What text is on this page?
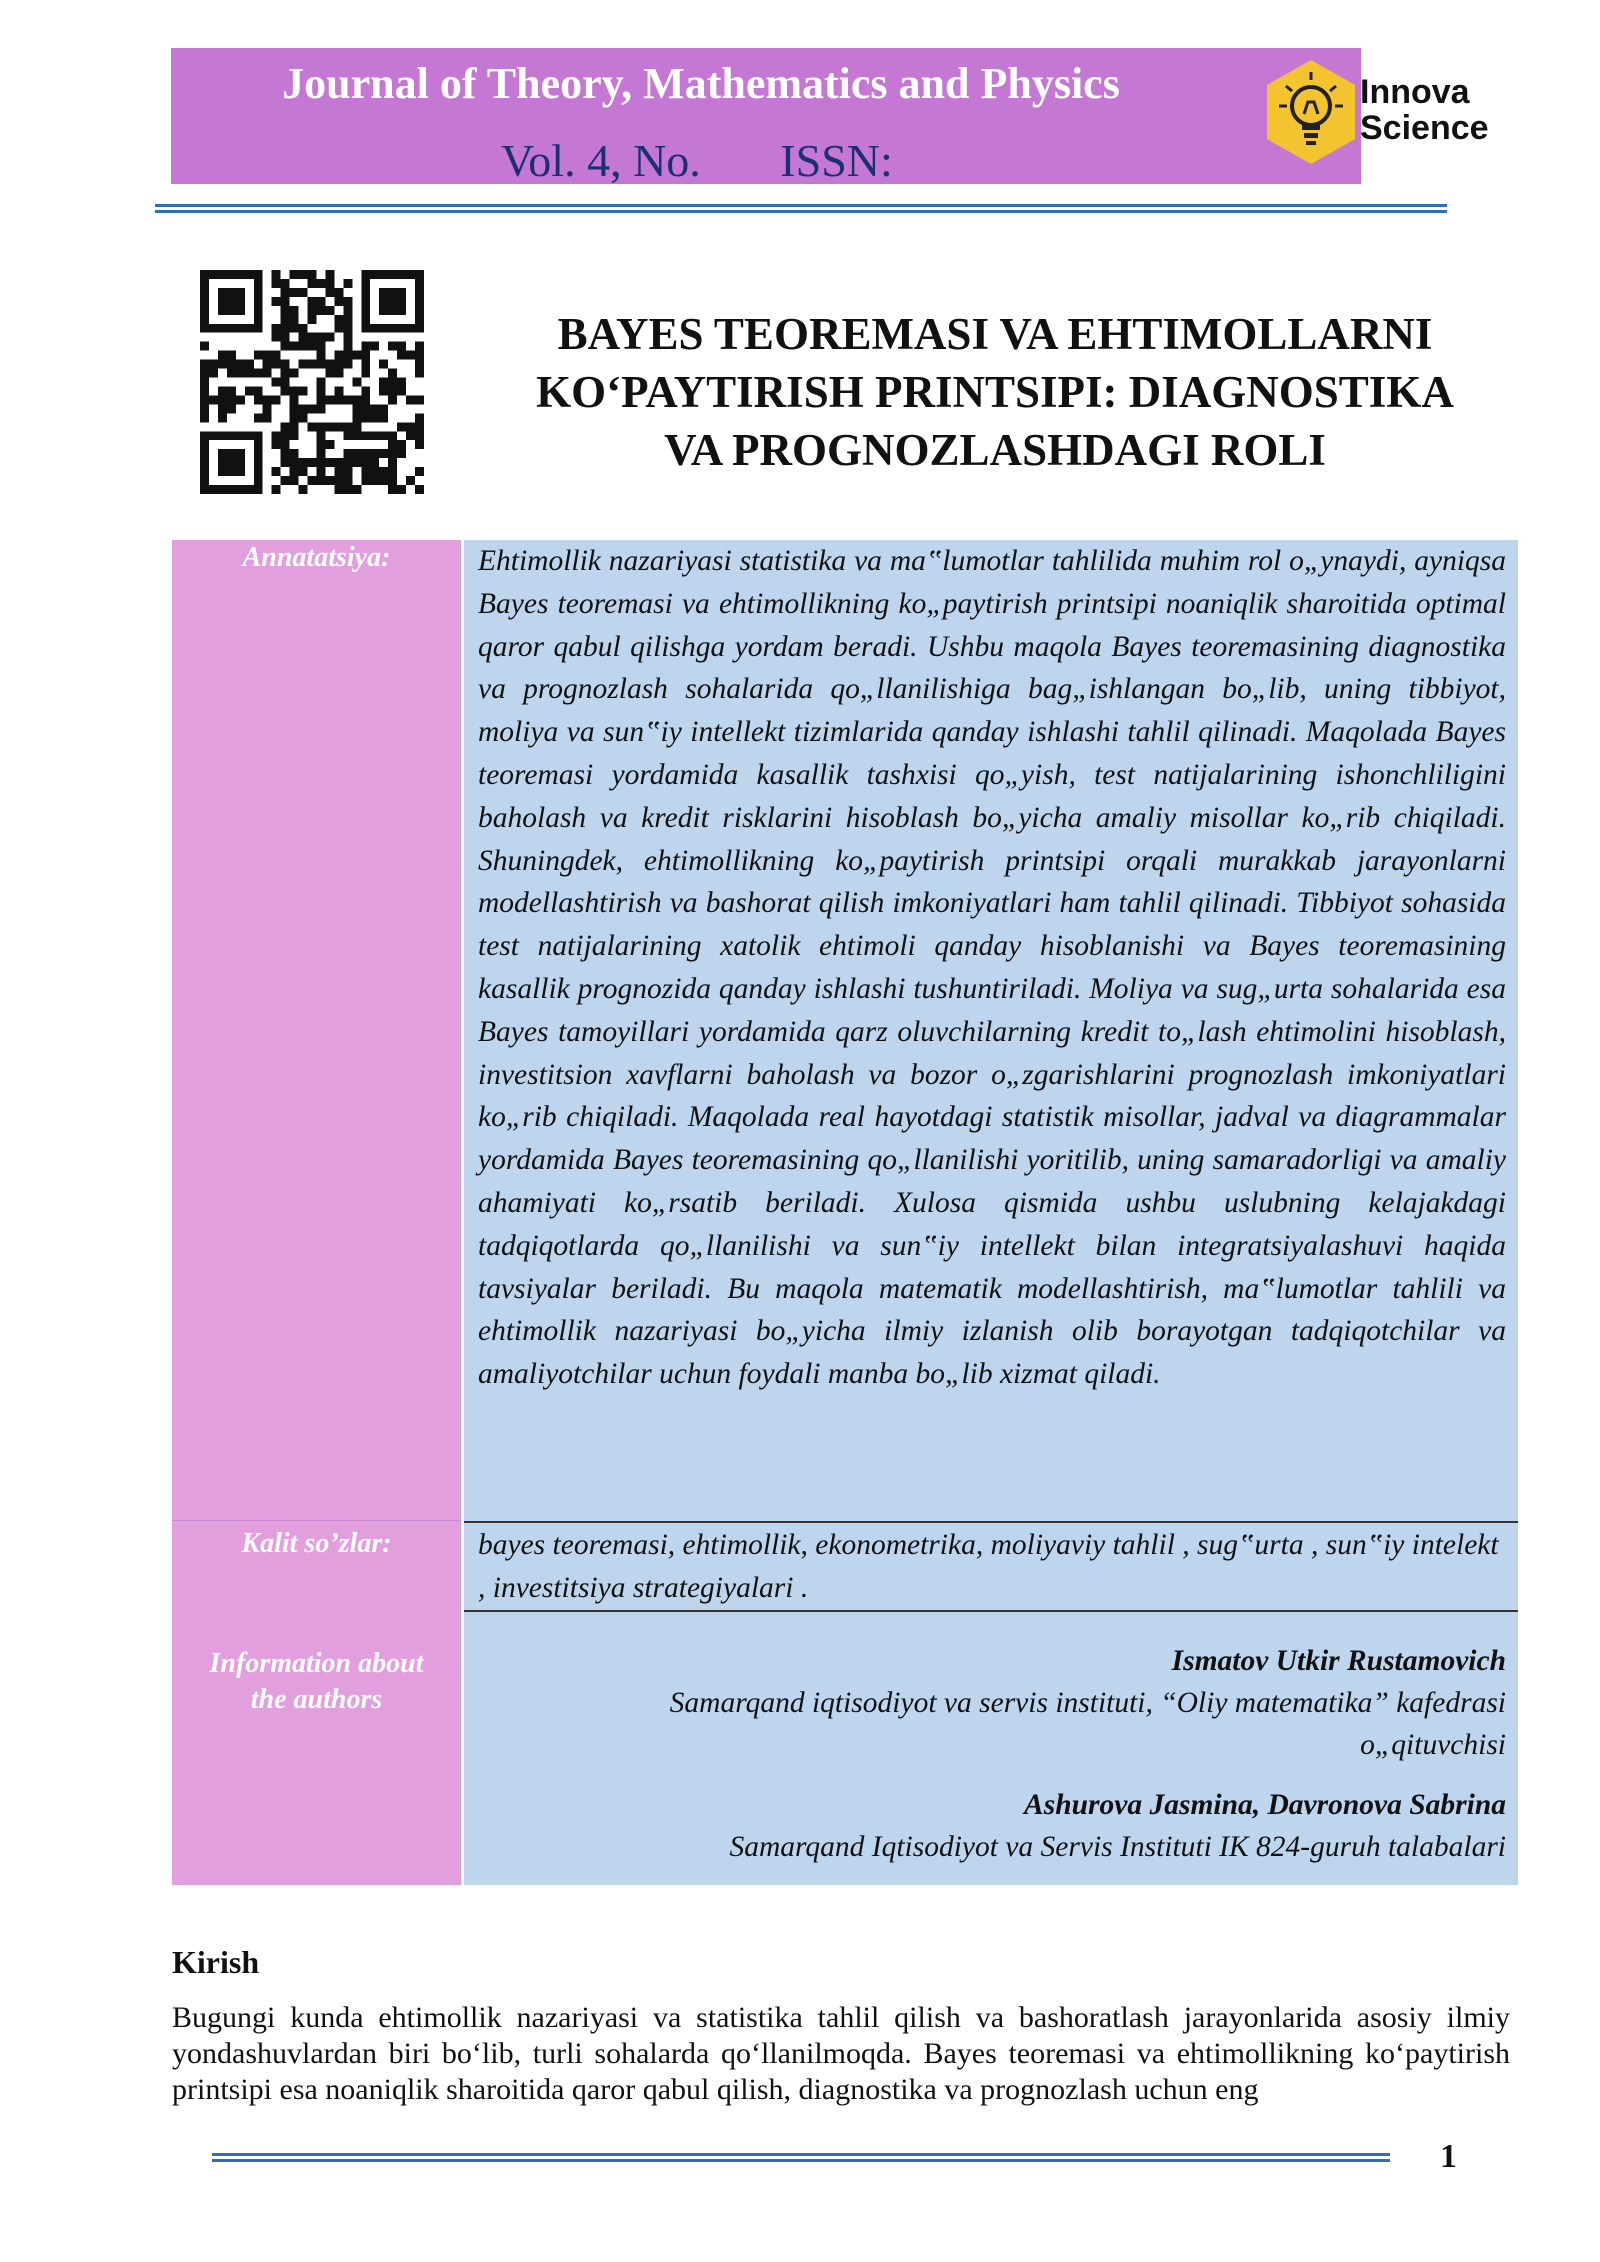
Journal of Theory, Mathematics and Physics
Vol. 4, No. ISSN:
Innova
Science
BAYES TEOREMASI VA EHTIMOLLARNI
KO‘PAYTIRISH PRINTSIPI: DIAGNOSTIKA
VA PROGNOZLASHDAGI ROLI
Annatatsiya:	Ehtimollik nazariyasi statistika va ma‟lumotlar tahlilida muhim rol o„ynaydi, ayniqsa Bayes teoremasi va ehtimollikning ko„paytirish printsipi noaniqlik sharoitida optimal qaror qabul qilishga yordam beradi. Ushbu maqola Bayes teoremasining diagnostika va prognozlash sohalarida qo„llanilishiga bag„ishlangan bo„lib, uning tibbiyot, moliya va sun‟iy intellekt tizimlarida qanday ishlashi tahlil qilinadi. Maqolada Bayes teoremasi yordamida kasallik tashxisi qo„yish, test natijalarining ishonchliligini baholash va kredit risklarini hisoblash bo„yicha amaliy misollar ko„rib chiqiladi. Shuningdek, ehtimollikning ko„paytirish printsipi orqali murakkab jarayonlarni modellashtirish va bashorat qilish imkoniyatlari ham tahlil qilinadi. Tibbiyot sohasida test natijalarining xatolik ehtimoli qanday hisoblanishi va Bayes teoremasining kasallik prognozida qanday ishlashi tushuntiriladi. Moliya va sug„urta sohalarida esa Bayes tamoyillari yordamida qarz oluvchilarning kredit to„lash ehtimolini hisoblash, investitsion xavflarni baholash va bozor o„zgarishlarini prognozlash imkoniyatlari ko„rib chiqiladi. Maqolada real hayotdagi statistik misollar, jadval va diagrammalar yordamida Bayes teoremasining qo„llanilishi yoritilib, uning samaradorligi va amaliy ahamiyati ko„rsatib beriladi. Xulosa qismida ushbu uslubning kelajakdagi tadqiqotlarda qo„llanilishi va sun‟iy intellekt bilan integratsiyalashuvi haqida tavsiyalar beriladi. Bu maqola matematik modellashtirish, ma‟lumotlar tahlili va ehtimollik nazariyasi bo„yicha ilmiy izlanish olib borayotgan tadqiqotchilar va amaliyotchilar uchun foydali manba bo„lib xizmat qiladi.

Kalit so’zlar:	bayes teoremasi, ehtimollik, ekonometrika, moliyaviy tahlil , sug‟urta , sun‟iy intelekt , investitsiya strategiyalari .

Information about
the authors
Ismatov Utkir Rustamovich
Samarqand iqtisodiyot va servis instituti, “Oliy matematika” kafedrasi
o„qituvchisi
Ashurova Jasmina, Davronova Sabrina
Samarqand Iqtisodiyot va Servis Instituti IK 824-guruh talabalari
Kirish

Bugungi kunda ehtimollik nazariyasi va statistika tahlil qilish va bashoratlash jarayonlarida asosiy ilmiy yondashuvlardan biri bo‘lib, turli sohalarda qo‘llanilmoqda. Bayes teoremasi va ehtimollikning ko‘paytirish printsipi esa noaniqlik sharoitida qaror qabul qilish, diagnostika va prognozlash uchun eng

1
